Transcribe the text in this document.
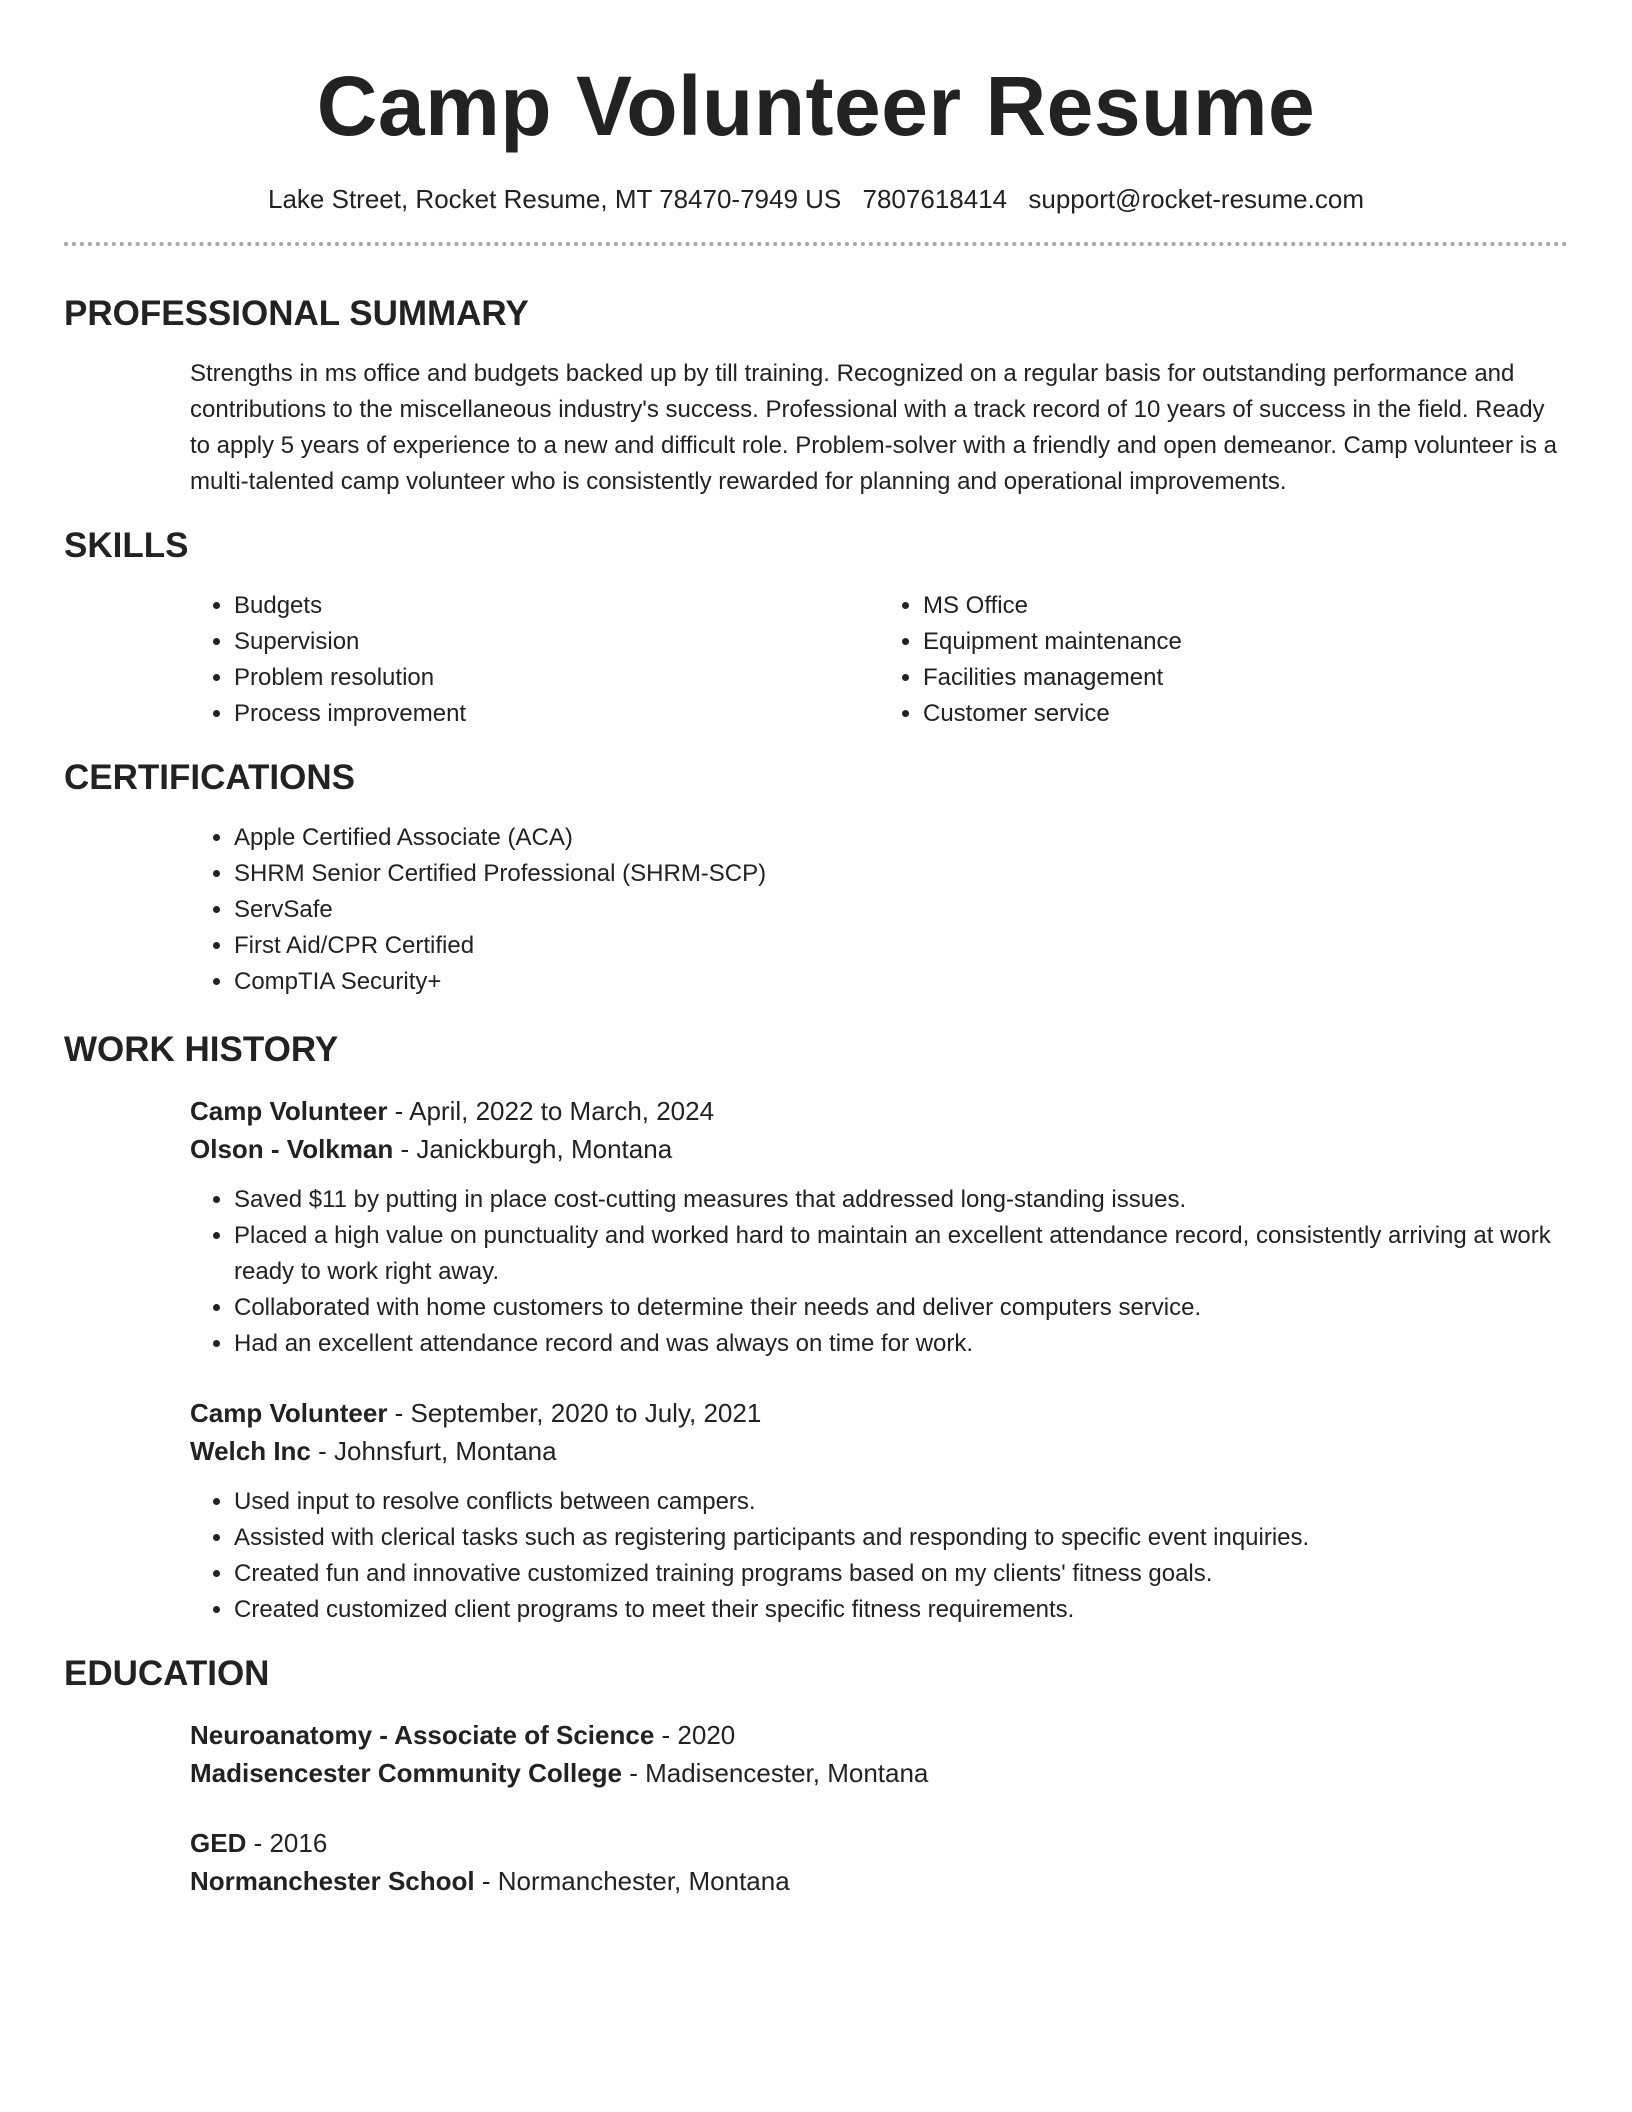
Camp Volunteer Resume
Lake Street, Rocket Resume, MT 78470-7949 US 7807618414 support@rocket-resume.com
PROFESSIONAL SUMMARY
Strengths in ms office and budgets backed up by till training. Recognized on a regular basis for outstanding performance and contributions to the miscellaneous industry's success. Professional with a track record of 10 years of success in the field. Ready to apply 5 years of experience to a new and difficult role. Problem-solver with a friendly and open demeanor. Camp volunteer is a multi-talented camp volunteer who is consistently rewarded for planning and operational improvements.
SKILLS
• Budgets
• Supervision
• Problem resolution
• Process improvement
• MS Office
• Equipment maintenance
• Facilities management
• Customer service
CERTIFICATIONS
• Apple Certified Associate (ACA)
• SHRM Senior Certified Professional (SHRM-SCP)
• ServSafe
• First Aid/CPR Certified
• CompTIA Security+
WORK HISTORY
Camp Volunteer - April, 2022 to March, 2024
Olson - Volkman - Janickburgh, Montana
• Saved $11 by putting in place cost-cutting measures that addressed long-standing issues.
• Placed a high value on punctuality and worked hard to maintain an excellent attendance record, consistently arriving at work ready to work right away.
• Collaborated with home customers to determine their needs and deliver computers service.
• Had an excellent attendance record and was always on time for work.
Camp Volunteer - September, 2020 to July, 2021
Welch Inc - Johnsfurt, Montana
• Used input to resolve conflicts between campers.
• Assisted with clerical tasks such as registering participants and responding to specific event inquiries.
• Created fun and innovative customized training programs based on my clients' fitness goals.
• Created customized client programs to meet their specific fitness requirements.
EDUCATION
Neuroanatomy - Associate of Science - 2020
Madisencester Community College - Madisencester, Montana
GED - 2016
Normanchester School - Normanchester, Montana
